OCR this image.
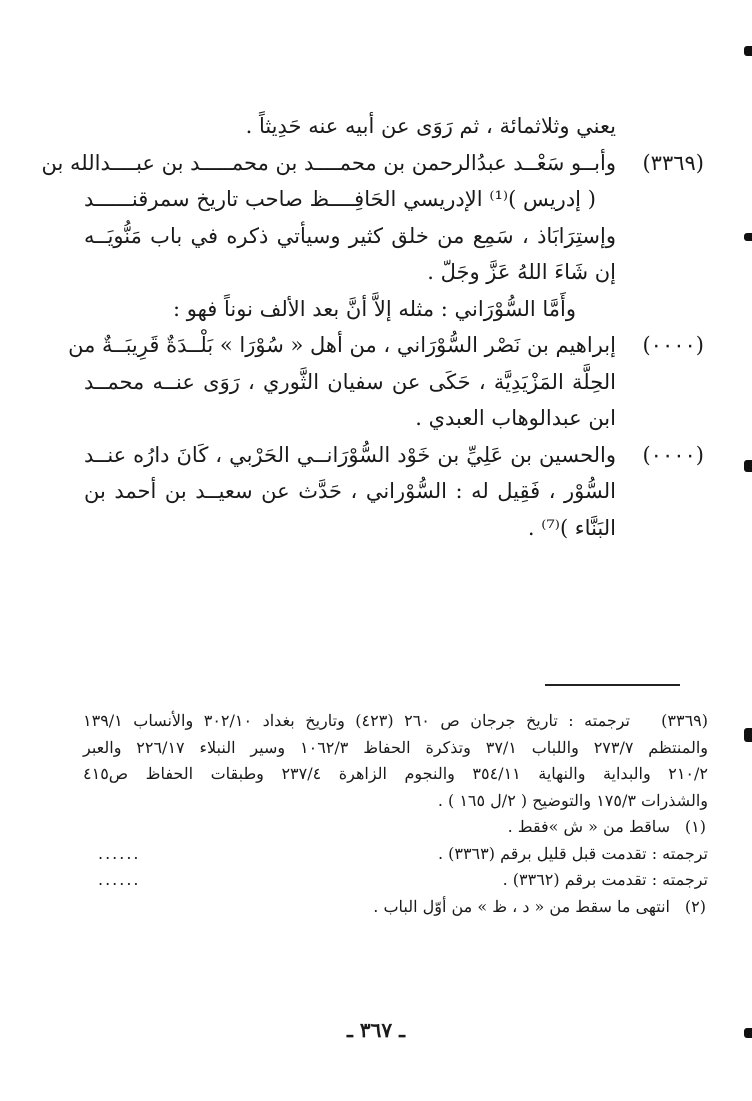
يعني وثلاثمائة ، ثم رَوَى عن أبيه عنه حَدِيثاً .
(٣٣٦٩)
وأبــو سَعْــد عبدُالرحمن بن محمــــد بن محمـــــد بن عبــــدالله بن
( إدريس )⁽¹⁾ الإدريسي الحَافِــــظ صاحب تاريخ سمرقنــــــد
وإستِرَابَاذ ، سَمِع من خلق كثير وسيأتي ذكره في باب مَنُّويَــه
إن شَاءَ اللهُ عَزَّ وجَلّ .
وأَمَّا السُّوْرَاني : مثله إلاَّ أنَّ بعد الألف نوناً فهو :
(٠٠٠٠)
إبراهيم بن نَصْر السُّوْرَاني ، من أهل « سُوْرَا » بَلْــدَةٌ قَرِيبَــةٌ من
الحِلَّة المَزْيَدِيَّة ، حَكَى عن سفيان الثَّوري ، رَوَى عنــه محمــد
ابن عبدالوهاب العبدي .
(٠٠٠٠)
والحسين بن عَلِيِّ بن خَوْد السُّوْرَانــي الحَرْبي ، كَانَ دارُه عنــد
السُّوْر ، فَقِيل له : السُّوْراني ، حَدَّث عن سعيــد بن أحمد بن
البَنَّاء )⁽⁷⁾ .
(٣٣٦٩)
ترجمته : تاريخ جرجان ص ٢٦٠ (٤٢٣) وتاريخ بغداد ٣٠٢/١٠ والأنساب ١٣٩/١
والمنتظم ٢٧٣/٧ واللباب ٣٧/١ وتذكرة الحفاظ ١٠٦٢/٣ وسير النبلاء ٢٢٦/١٧ والعبر
٢١٠/٢ والبداية والنهاية ٣٥٤/١١ والنجوم الزاهرة ٢٣٧/٤ وطبقات الحفاظ ص٤١٥
والشذرات ١٧٥/٣ والتوضيح ( ٢/ل ١٦٥ ) .
(١)
ساقط من « ش »فقط .
ترجمته : تقدمت قبل قليل برقم (٣٣٦٣) .
......
ترجمته : تقدمت برقم (٣٣٦٢) .
......
(٢)
انتهى ما سقط من « د ، ظ » من أوّل الباب .
ـ ٣٦٧ ـ
